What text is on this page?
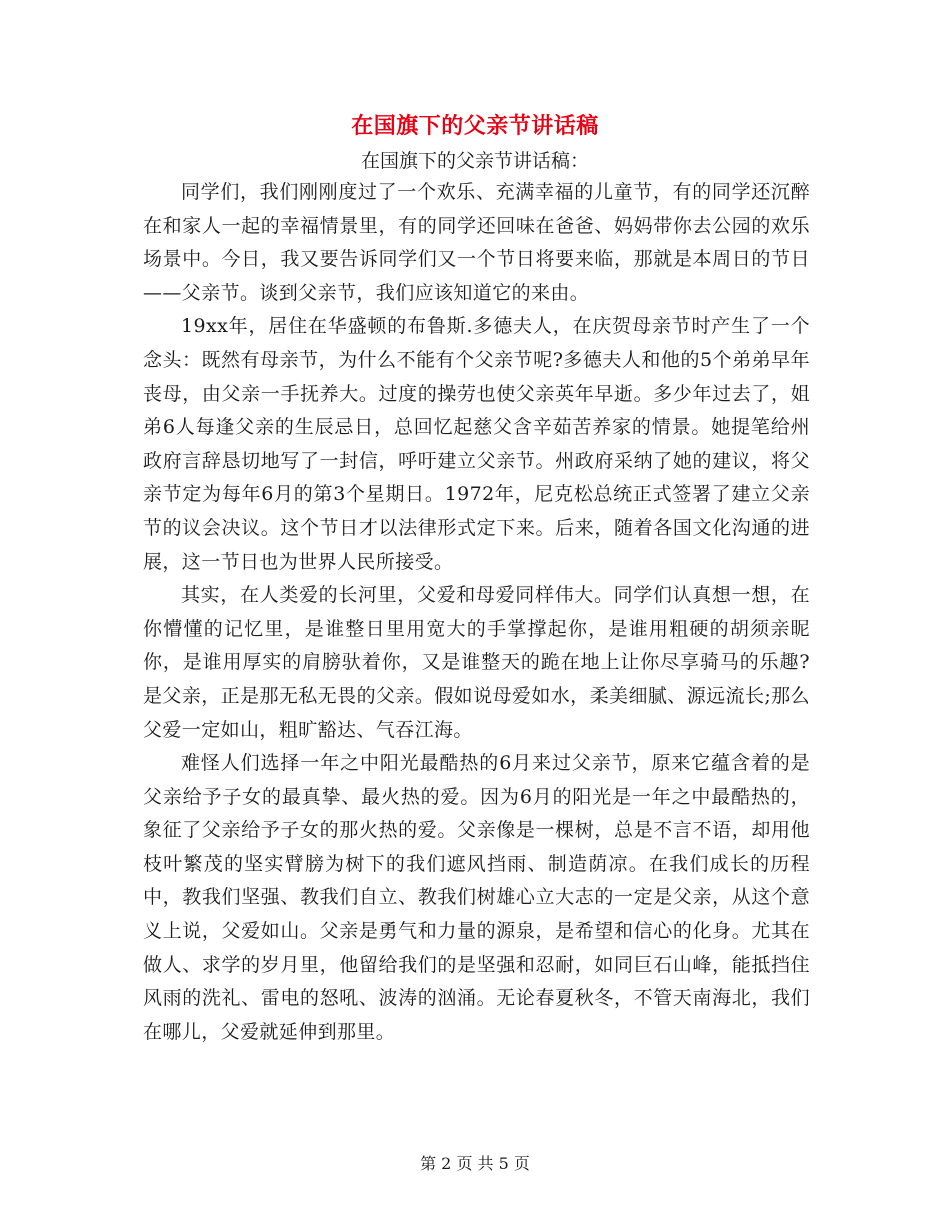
在国旗下的父亲节讲话稿
在国旗下的父亲节讲话稿：

同学们，我们刚刚度过了一个欢乐、充满幸福的儿童节，有的同学还沉醉在和家人一起的幸福情景里，有的同学还回味在爸爸、妈妈带你去公园的欢乐场景中。今日，我又要告诉同学们又一个节日将要来临，那就是本周日的节日——父亲节。谈到父亲节，我们应该知道它的来由。

19xx年，居住在华盛顿的布鲁斯.多德夫人，在庆贺母亲节时产生了一个念头：既然有母亲节，为什么不能有个父亲节呢?多德夫人和他的5个弟弟早年丧母，由父亲一手抚养大。过度的操劳也使父亲英年早逝。多少年过去了，姐弟6人每逢父亲的生辰忌日，总回忆起慈父含辛茹苦养家的情景。她提笔给州政府言辞恳切地写了一封信，呼吁建立父亲节。州政府采纳了她的建议，将父亲节定为每年6月的第3个星期日。1972年，尼克松总统正式签署了建立父亲节的议会决议。这个节日才以法律形式定下来。后来，随着各国文化沟通的进展，这一节日也为世界人民所接受。

其实，在人类爱的长河里，父爱和母爱同样伟大。同学们认真想一想，在你懵懂的记忆里，是谁整日里用宽大的手掌撑起你，是谁用粗硬的胡须亲昵你，是谁用厚实的肩膀驮着你，又是谁整天的跪在地上让你尽享骑马的乐趣?是父亲，正是那无私无畏的父亲。假如说母爱如水，柔美细腻、源远流长;那么父爱一定如山，粗旷豁达、气吞江海。

难怪人们选择一年之中阳光最酷热的6月来过父亲节，原来它蕴含着的是父亲给予子女的最真挚、最火热的爱。因为6月的阳光是一年之中最酷热的，象征了父亲给予子女的那火热的爱。父亲像是一棵树，总是不言不语，却用他枝叶繁茂的坚实臂膀为树下的我们遮风挡雨、制造荫凉。在我们成长的历程中，教我们坚强、教我们自立、教我们树雄心立大志的一定是父亲，从这个意义上说，父爱如山。父亲是勇气和力量的源泉，是希望和信心的化身。尤其在做人、求学的岁月里，他留给我们的是坚强和忍耐，如同巨石山峰，能抵挡住风雨的洗礼、雷电的怒吼、波涛的汹涌。无论春夏秋冬，不管天南海北，我们在哪儿，父爱就延伸到那里。

第 2 页 共 5 页
